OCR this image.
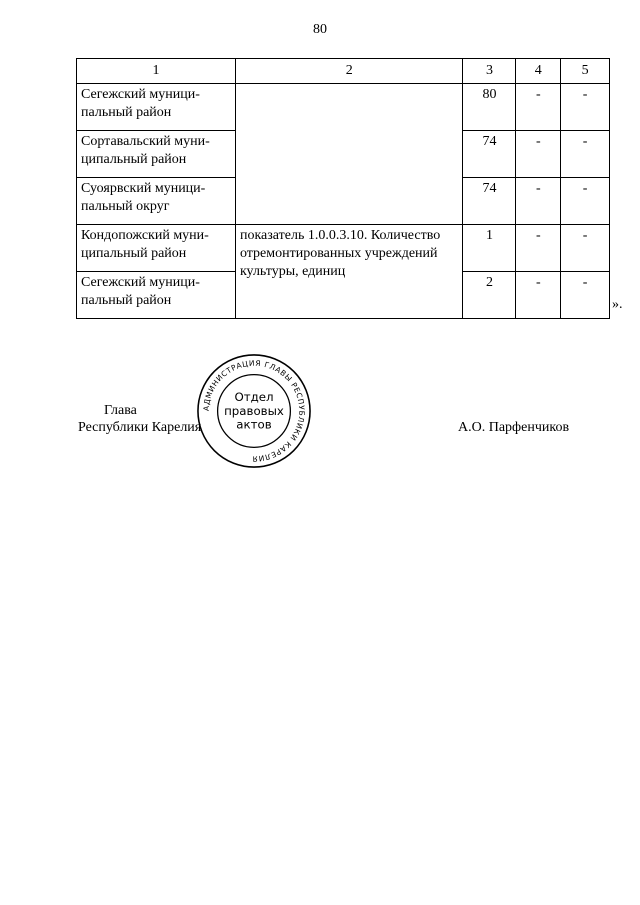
80
1	2	3	4	5
Сегежский муници-пальный район		80	-	-
Сортавальский муни-ципальный район		74	-	-
Суоярвский муници-пальный округ		74	-	-
Кондопожский муни-ципальный район	показатель 1.0.0.3.10. Количество отремонтированных учреждений культуры, единиц	1	-	-
Сегежский муници-пальный район		2	-	-
».
Глава
Республики Карелия	А.О. Парфенчиков
АДМИНИСТРАЦИЯ ГЛАВЫ РЕСПУБЛИКИ КАРЕЛИЯ
Отдел
правовых
актов
